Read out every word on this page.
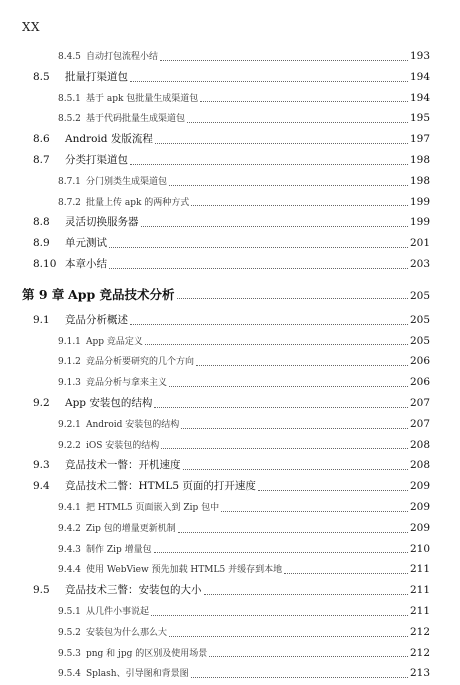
XX
8.4.5 自动打包流程小结	193
8.5	批量打渠道包	194
8.5.1 基于 apk 包批量生成渠道包	194
8.5.2 基于代码批量生成渠道包	195
8.6	Android 发版流程	197
8.7	分类打渠道包	198
8.7.1 分门别类生成渠道包	198
8.7.2 批量上传 apk 的两种方式	199
8.8	灵活切换服务器	199
8.9	单元测试	201
8.10 本章小结	203
第 9 章 App 竞品技术分析	205
9.1	竞品分析概述	205
9.1.1 App 竞品定义	205
9.1.2 竞品分析要研究的几个方向	206
9.1.3 竞品分析与拿来主义	206
9.2	App 安装包的结构	207
9.2.1 Android 安装包的结构	207
9.2.2 iOS 安装包的结构	208
9.3	竞品技术一瞥：开机速度	208
9.4	竞品技术二瞥：HTML5 页面的打开速度	209
9.4.1 把 HTML5 页面嵌入到 Zip 包中	209
9.4.2 Zip 包的增量更新机制	209
9.4.3 制作 Zip 增量包	210
9.4.4 使用 WebView 预先加载 HTML5 并缓存到本地	211
9.5	竞品技术三瞥：安装包的大小	211
9.5.1 从几件小事说起	211
9.5.2 安装包为什么那么大	212
9.5.3 png 和 jpg 的区别及使用场景	212
9.5.4 Splash、引导图和背景图	213
